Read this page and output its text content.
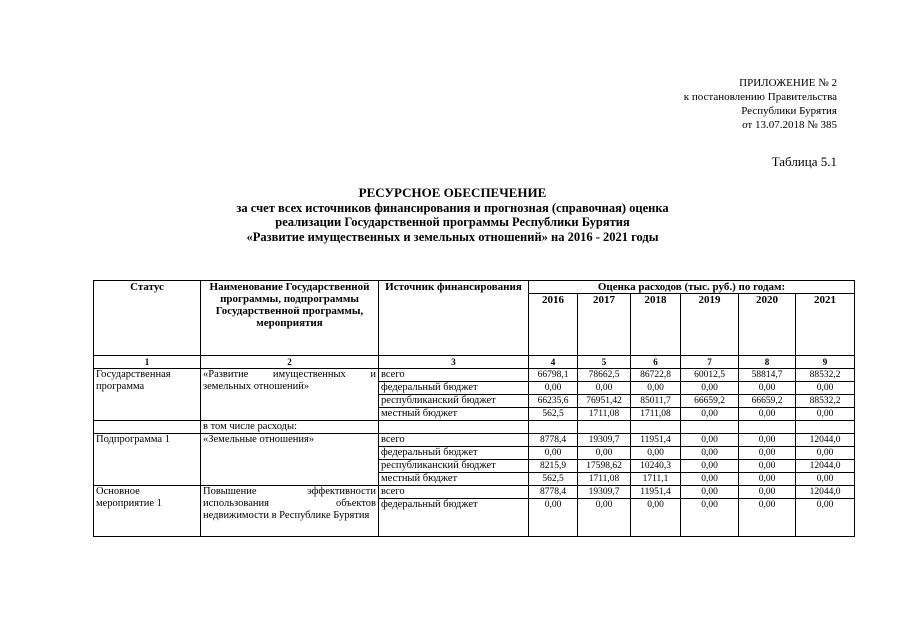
ПРИЛОЖЕНИЕ № 2
к постановлению Правительства
Республики Бурятия
от 13.07.2018 № 385
Таблица 5.1
РЕСУРСНОЕ ОБЕСПЕЧЕНИЕ
за счет всех источников финансирования и прогнозная (справочная) оценка
реализации Государственной программы Республики Бурятия
«Развитие имущественных и земельных отношений» на 2016 - 2021 годы
Статус	Наименование Государственной программы, подпрограммы Государственной программы, мероприятия	Источник финансирования	Оценка расходов (тыс. руб.) по годам:					
			2016	2017	2018	2019	2020	2021
1	2	3	4	5	6	7	8	9
Государственная программа	«Развитие имущественных и земельных отношений»	всего	66798,1	78662,5	86722,8	60012,5	58814,7	88532,2
		федеральный бюджет	0,00	0,00	0,00	0,00	0,00	0,00
		республиканский бюджет	66235,6	76951,42	85011,7	66659,2	66659,2	88532,2
		местный бюджет	562,5	1711,08	1711,08	0,00	0,00	0,00
	в том числе расходы:							
Подпрограмма 1	«Земельные отношения»	всего	8778,4	19309,7	11951,4	0,00	0,00	12044,0
		федеральный бюджет	0,00	0,00	0,00	0,00	0,00	0,00
		республиканский бюджет	8215,9	17598,62	10240,3	0,00	0,00	12044,0
		местный бюджет	562,5	1711,08	1711,1	0,00	0,00	0,00
Основное мероприятие 1	Повышение эффективности использования объектов недвижимости в Республике Бурятия	всего	8778,4	19309,7	11951,4	0,00	0,00	12044,0
		федеральный бюджет	0,00	0,00	0,00	0,00	0,00	0,00
